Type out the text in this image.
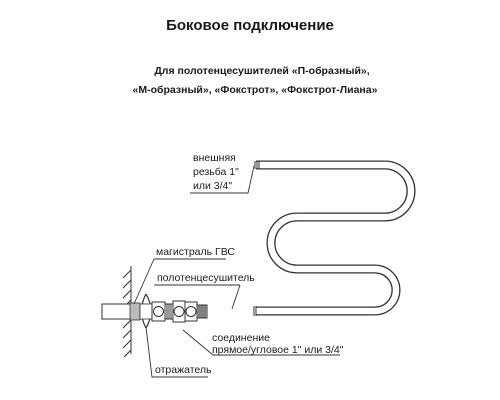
Боковое подключение
Для полотенцесушителей «П-образный»,
«М-образный», «Фокстрот», «Фокстрот-Лиана»
внешняя
резьба 1"
или 3/4"
магистраль ГВС
полотенцесушитель
соединение
прямое/угловое 1" или 3/4"
отражатель
